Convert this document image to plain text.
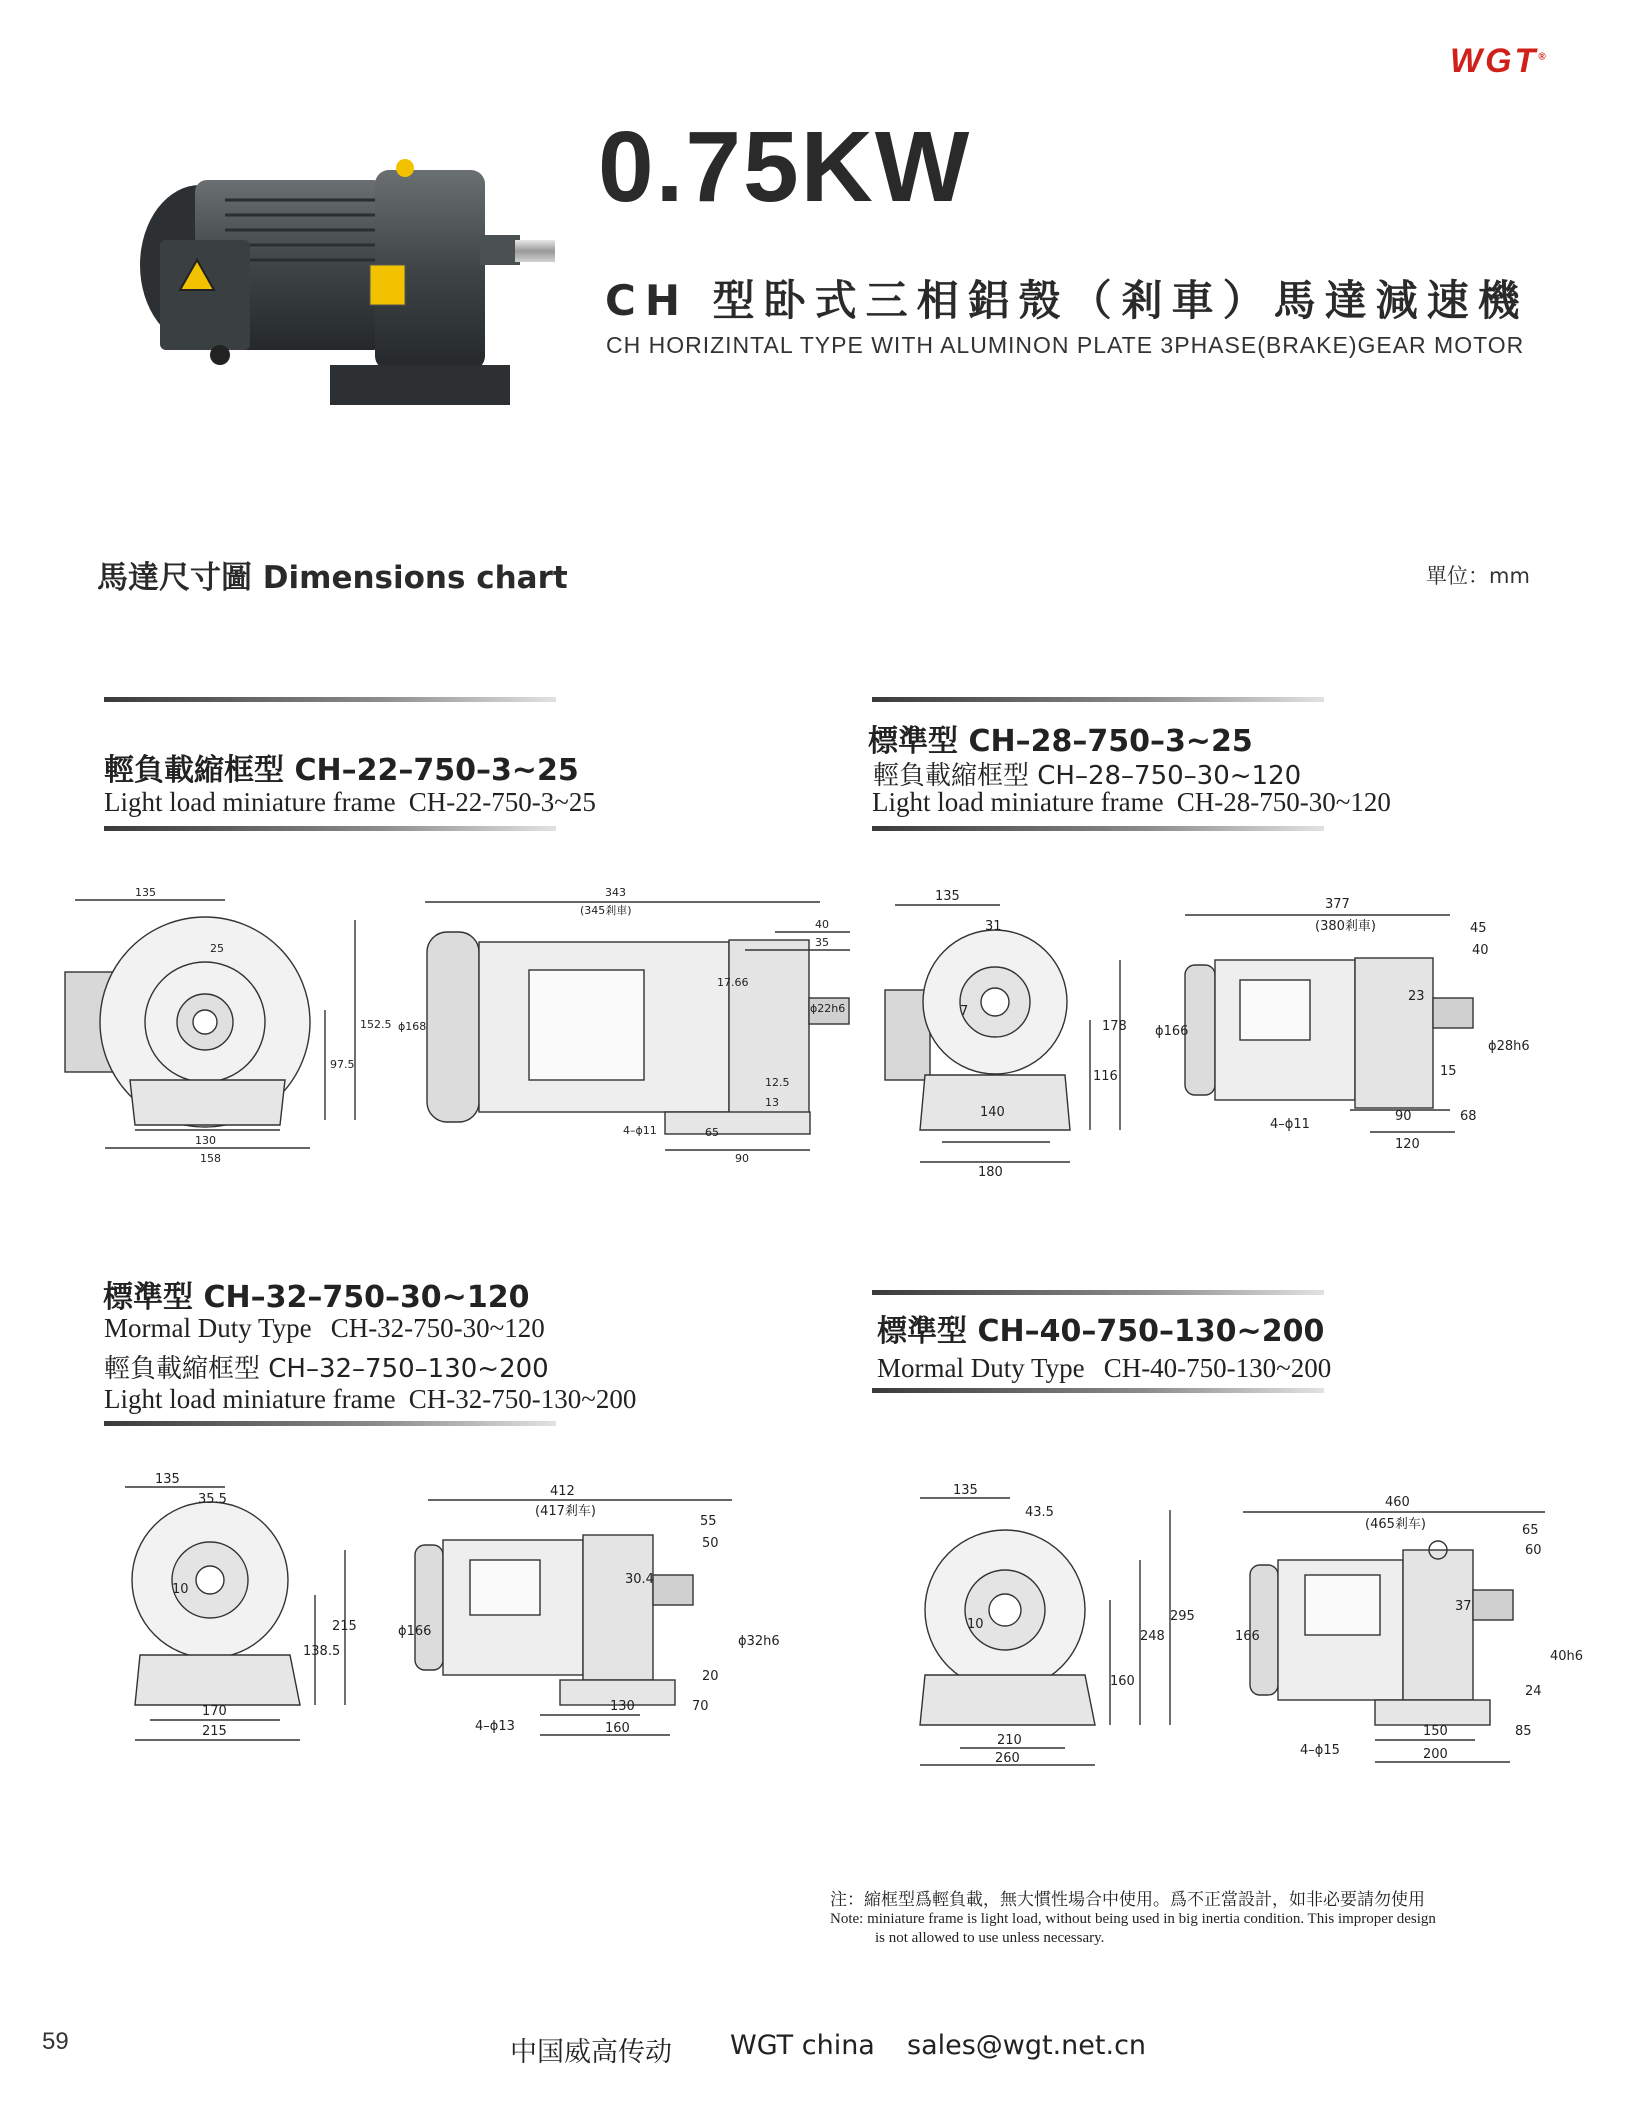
WGT®
0.75KW
CH 型卧式三相鋁殼（剎車）馬達減速機
CH HORIZINTAL TYPE WITH ALUMINON PLATE 3PHASE(BRAKE)GEAR MOTOR
馬達尺寸圖 Dimensions chart	單位：mm
輕負載縮框型 CH–22–750–3~25
Light load miniature frame CH-22-750-3~25
標準型 CH–28–750–3~25
輕負載縮框型 CH–28–750–30~120
Light load miniature frame CH-28-750-30~120
標準型 CH–32–750–30~120
Mormal Duty Type CH-32-750-30~120
輕負載縮框型 CH–32–750–130~200
Light load miniature frame CH-32-750-130~200
標準型 CH–40–750–130~200
Mormal Duty Type CH-40-750-130~200
135
25
152.5
97.5
130
158
343
(345剎車)
40
35
17.66
ϕ22h6
ϕ168
12.5
13
4–ϕ11	65
90
135
31
7
116
178
140
180
377
(380剎車)	45
40
ϕ166
23
15
ϕ28h6
4–ϕ11
90	68
120
135
35.5
10
138.5
215
170
215
412
(417剎车)
55
50
ϕ166
30.4
ϕ32h6
20
4–ϕ13
130	70
160
135
43.5
10
160
248
295
210
260
460
(465剎车)	65
60
166
37
40h6
24
4–ϕ15
150	85
200
注：縮框型爲輕負載，無大慣性場合中使用。爲不正當設計，如非必要請勿使用
Note: miniature frame is light load, without being used in big inertia condition. This improper design
is not allowed to use unless necessary.
59	中国威高传动 WGT china sales@wgt.net.cn
